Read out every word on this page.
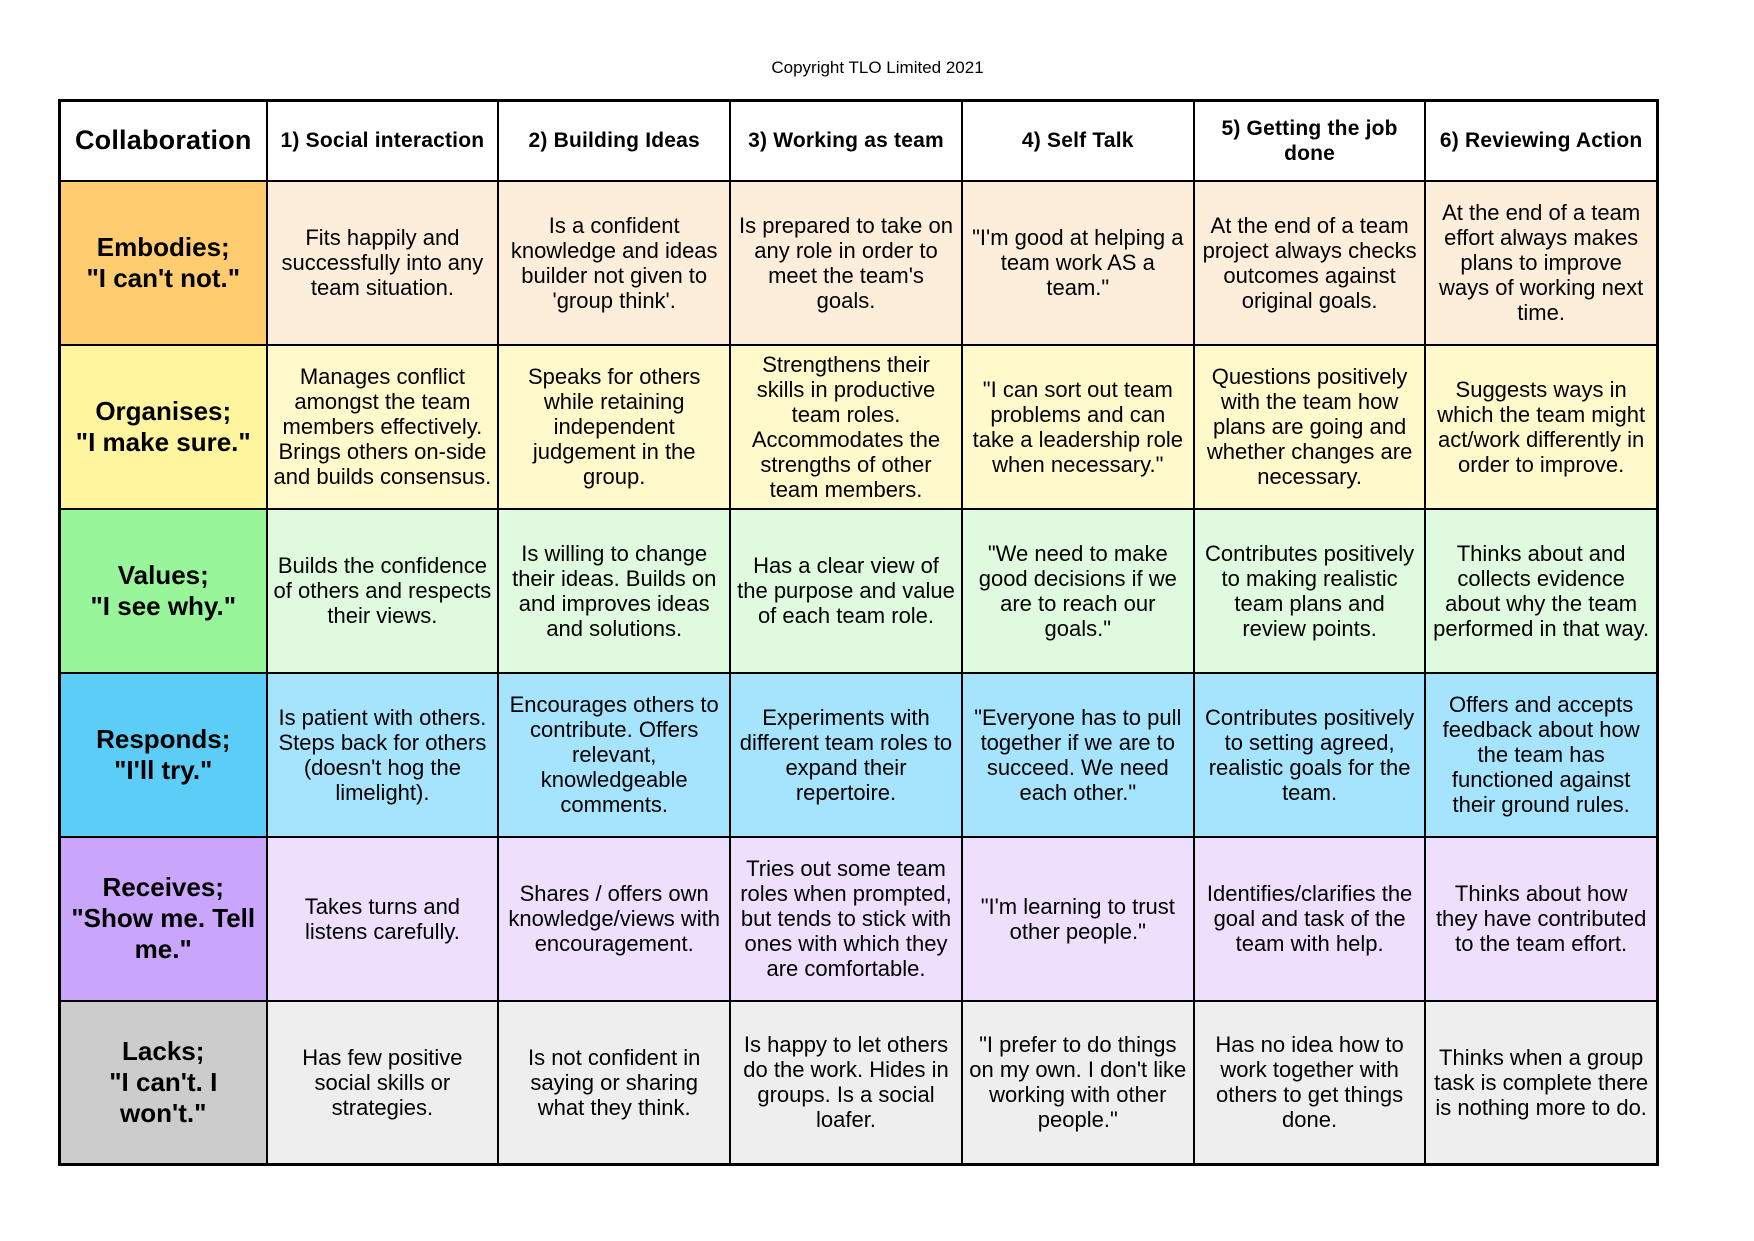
Copyright TLO Limited 2021
Collaboration	1) Social interaction	2) Building Ideas	3) Working as team	4) Self Talk	5) Getting the job done	6) Reviewing Action

Embodies;
"I can't not."	Fits happily and successfully into any team situation.	Is a confident knowledge and ideas builder not given to 'group think'.	Is prepared to take on any role in order to meet the team's goals.	"I'm good at helping a team work AS a team."	At the end of a team project always checks outcomes against original goals.	At the end of a team effort always makes plans to improve ways of working next time.

Organises;
"I make sure."	Manages conflict amongst the team members effectively. Brings others on-side and builds consensus.	Speaks for others while retaining independent judgement in the group.	Strengthens their skills in productive team roles. Accommodates the strengths of other team members.	"I can sort out team problems and can take a leadership role when necessary."	Questions positively with the team how plans are going and whether changes are necessary.	Suggests ways in which the team might act/work differently in order to improve.

Values;
"I see why."	Builds the confidence of others and respects their views.	Is willing to change their ideas. Builds on and improves ideas and solutions.	Has a clear view of the purpose and value of each team role.	"We need to make good decisions if we are to reach our goals."	Contributes positively to making realistic team plans and review points.	Thinks about and collects evidence about why the team performed in that way.

Responds;
"I'll try."	Is patient with others. Steps back for others (doesn't hog the limelight).	Encourages others to contribute. Offers relevant, knowledgeable comments.	Experiments with different team roles to expand their repertoire.	"Everyone has to pull together if we are to succeed. We need each other."	Contributes positively to setting agreed, realistic goals for the team.	Offers and accepts feedback about how the team has functioned against their ground rules.

Receives;
"Show me. Tell me."	Takes turns and listens carefully.	Shares / offers own knowledge/views with encouragement.	Tries out some team roles when prompted, but tends to stick with ones with which they are comfortable.	"I'm learning to trust other people."	Identifies/clarifies the goal and task of the team with help.	Thinks about how they have contributed to the team effort.

Lacks;
"I can't. I won't."	Has few positive social skills or strategies.	Is not confident in saying or sharing what they think.	Is happy to let others do the work. Hides in groups. Is a social loafer.	"I prefer to do things on my own. I don't like working with other people."	Has no idea how to work together with others to get things done.	Thinks when a group task is complete there is nothing more to do.
